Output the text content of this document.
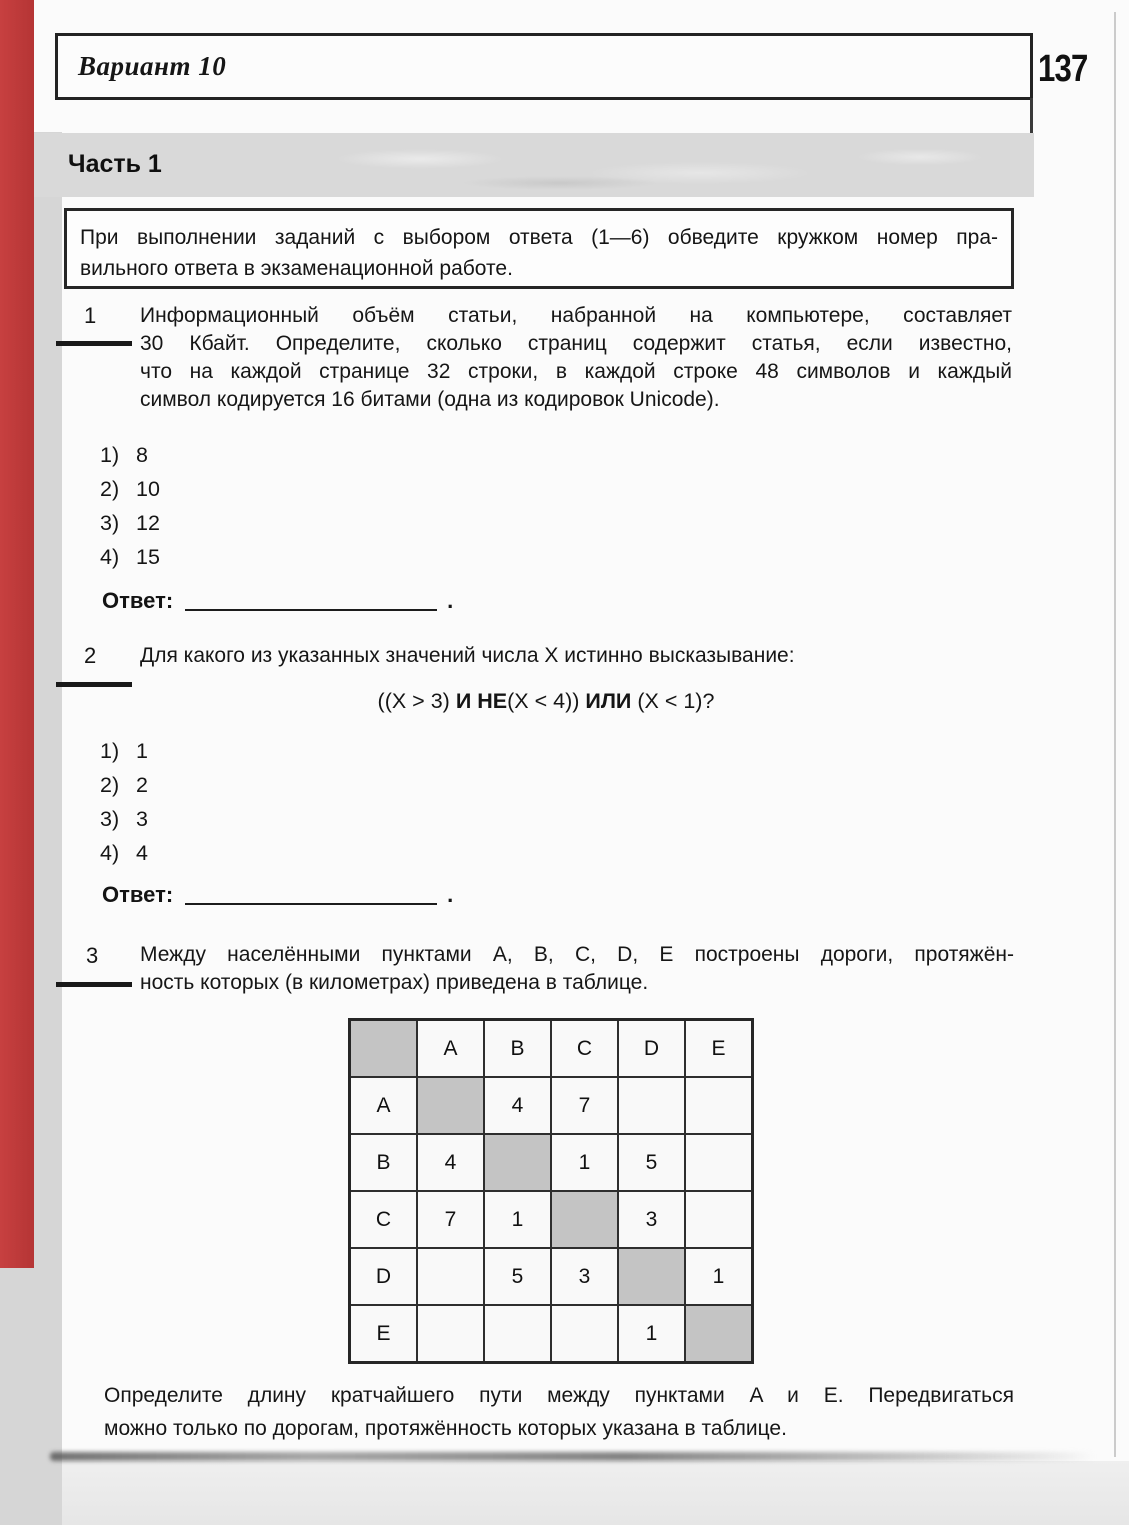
Вариант 10	137
Часть 1
При выполнении заданий с выбором ответа (1—6) обведите кружком номер пра-
вильного ответа в экзаменационной работе.
1 Информационный объём статьи, набранной на компьютере, составляет
30 Кбайт. Определите, сколько страниц содержит статья, если известно,
что на каждой странице 32 строки, в каждой строке 48 символов и каждый
символ кодируется 16 битами (одна из кодировок Unicode).
1) 8
2) 10
3) 12
4) 15
Ответ:	.
2 Для какого из указанных значений числа X истинно высказывание:
((X > 3) И НЕ(X < 4)) ИЛИ (X < 1)?
1) 1
2) 2
3) 3
4) 4
Ответ:	.
3 Между населёнными пунктами A, B, C, D, E построены дороги, протяжён-
ность которых (в километрах) приведена в таблице.
	A	B	C	D	E
A		4	7		
B	4		1	5	
C	7	1		3	
D		5	3		1
E				1	
Определите длину кратчайшего пути между пунктами A и E. Передвигаться
можно только по дорогам, протяжённость которых указана в таблице.
